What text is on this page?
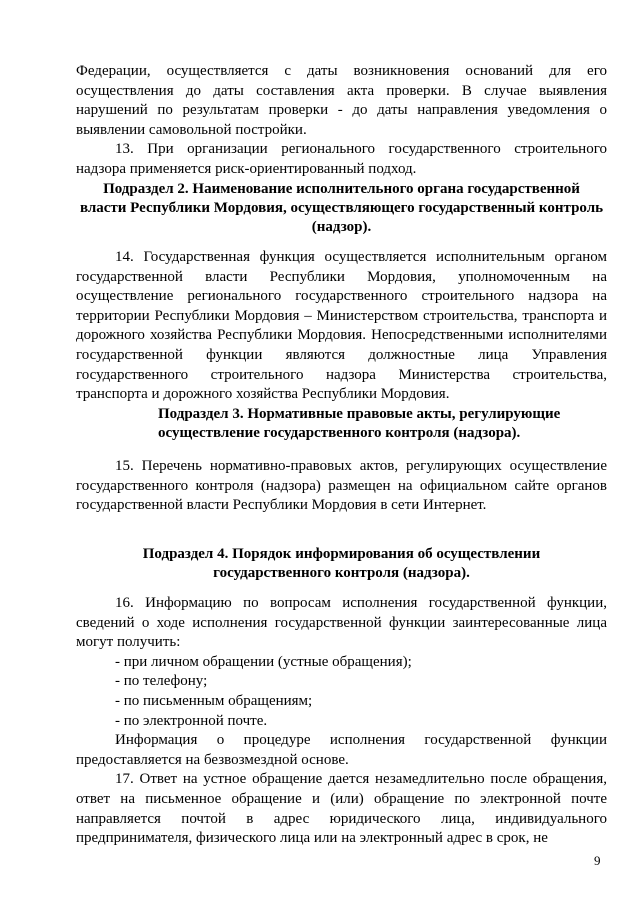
Федерации, осуществляется с даты возникновения оснований для его осуществления до даты составления акта проверки. В случае выявления нарушений по результатам проверки - до даты направления уведомления о выявлении самовольной постройки.

13. При организации регионального государственного строительного надзора применяется риск-ориентированный подход.

Подраздел 2. Наименование исполнительного органа государственной
власти Республики Мордовия, осуществляющего государственный контроль
(надзор).

14. Государственная функция осуществляется исполнительным органом государственной власти Республики Мордовия, уполномоченным на осуществление регионального государственного строительного надзора на территории Республики Мордовия – Министерством строительства, транспорта и дорожного хозяйства Республики Мордовия. Непосредственными исполнителями государственной функции являются должностные лица Управления государственного строительного надзора Министерства строительства, транспорта и дорожного хозяйства Республики Мордовия.

Подраздел 3. Нормативные правовые акты, регулирующие
осуществление государственного контроля (надзора).

15. Перечень нормативно-правовых актов, регулирующих осуществление государственного контроля (надзора) размещен на официальном сайте органов государственной власти Республики Мордовия в сети Интернет.

Подраздел 4. Порядок информирования об осуществлении
государственного контроля (надзора).

16. Информацию по вопросам исполнения государственной функции, сведений о ходе исполнения государственной функции заинтересованные лица могут получить:

- при личном обращении (устные обращения);

- по телефону;

- по письменным обращениям;

- по электронной почте.

Информация о процедуре исполнения государственной функции предоставляется на безвозмездной основе.

17. Ответ на устное обращение дается незамедлительно после обращения, ответ на письменное обращение и (или) обращение по электронной почте направляется почтой в адрес юридического лица, индивидуального предпринимателя, физического лица или на электронный адрес в срок, не

9
